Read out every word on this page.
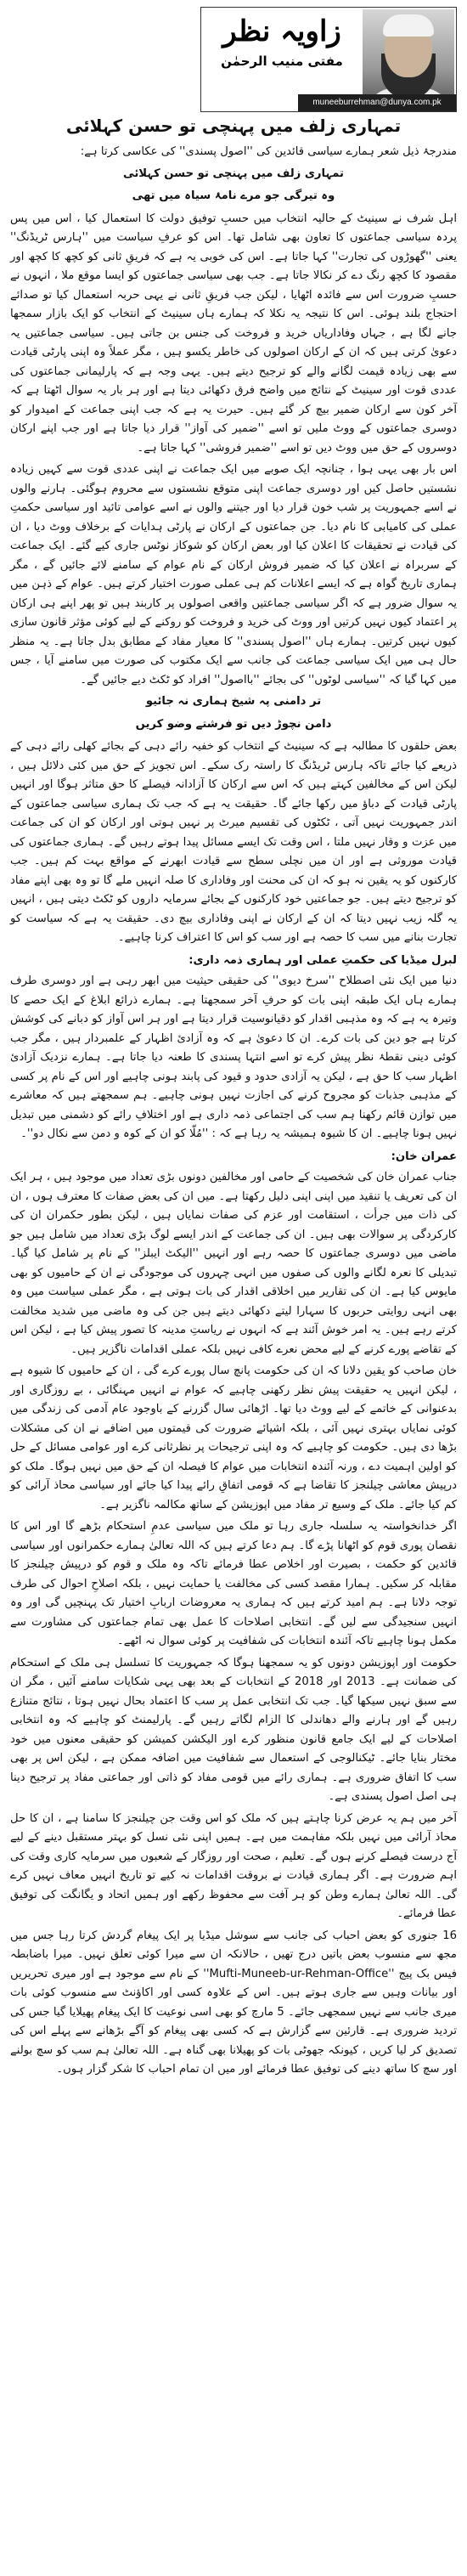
زاویہ نظر
مفتی منیب الرحمٰن
muneeburrehman@dunya.com.pk
تمہاری زلف میں پہنچی تو حسن کہلائی

مندرجۂ ذیل شعر ہمارے سیاسی قائدین کی ''اصول پسندی'' کی عکاسی کرتا ہے:

تمہاری زلف میں پہنچی تو حسن کہلائی

وہ تیرگی جو مرے نامۂ سیاہ میں تھی

اہل شرف نے سینیٹ کے حالیہ انتخاب میں حسبِ توفیق دولت کا استعمال کیا ، اس میں پس پردہ سیاسی جماعتوں کا تعاون بھی شامل تھا۔ اس کو عرفِ سیاست میں ''ہارس ٹریڈنگ'' یعنی ''گھوڑوں کی تجارت'' کہا جاتا ہے۔ اس کی خوبی یہ ہے کہ فریقِ ثانی کو کچھ کا کچھ اور مقصود کا کچھ رنگ دے کر نکالا جاتا ہے۔ جب بھی سیاسی جماعتوں کو ایسا موقع ملا ، انہوں نے حسبِ ضرورت اس سے فائدہ اٹھایا ، لیکن جب فریقِ ثانی نے یہی حربہ استعمال کیا تو صدائے احتجاج بلند ہوئی۔ اس کا نتیجہ یہ نکلا کہ ہمارے ہاں سینیٹ کے انتخاب کو ایک بازار سمجھا جانے لگا ہے ، جہاں وفاداریاں خرید و فروخت کی جنس بن جاتی ہیں۔ سیاسی جماعتیں یہ دعویٰ کرتی ہیں کہ ان کے ارکان اصولوں کی خاطر یکسو ہیں ، مگر عملاً وہ اپنی پارٹی قیادت سے بھی زیادہ قیمت لگانے والے کو ترجیح دیتے ہیں۔ یہی وجہ ہے کہ پارلیمانی جماعتوں کی عددی قوت اور سینیٹ کے نتائج میں واضح فرق دکھائی دیتا ہے اور ہر بار یہ سوال اٹھتا ہے کہ آخر کون سے ارکان ضمیر بیچ کر گئے ہیں۔ حیرت یہ ہے کہ جب اپنی جماعت کے امیدوار کو دوسری جماعتوں کے ووٹ ملیں تو اسے ''ضمیر کی آواز'' قرار دیا جاتا ہے اور جب اپنے ارکان دوسروں کے حق میں ووٹ دیں تو اسے ''ضمیر فروشی'' کہا جاتا ہے۔

اس بار بھی یہی ہوا ، چنانچہ ایک صوبے میں ایک جماعت نے اپنی عددی قوت سے کہیں زیادہ نشستیں حاصل کیں اور دوسری جماعت اپنی متوقع نشستوں سے محروم ہوگئی۔ ہارنے والوں نے اسے جمہوریت پر شب خون قرار دیا اور جیتنے والوں نے اسے عوامی تائید اور سیاسی حکمتِ عملی کی کامیابی کا نام دیا۔ جن جماعتوں کے ارکان نے پارٹی ہدایات کے برخلاف ووٹ دیا ، ان کی قیادت نے تحقیقات کا اعلان کیا اور بعض ارکان کو شوکاز نوٹس جاری کیے گئے۔ ایک جماعت کے سربراہ نے اعلان کیا کہ ضمیر فروش ارکان کے نام عوام کے سامنے لائے جائیں گے ، مگر ہماری تاریخ گواہ ہے کہ ایسے اعلانات کم ہی عملی صورت اختیار کرتے ہیں۔ عوام کے ذہن میں یہ سوال ضرور ہے کہ اگر سیاسی جماعتیں واقعی اصولوں پر کاربند ہیں تو پھر اپنے ہی ارکان پر اعتماد کیوں نہیں کرتیں اور ووٹ کی خرید و فروخت کو روکنے کے لیے کوئی مؤثر قانون سازی کیوں نہیں کرتیں۔ ہمارے ہاں ''اصول پسندی'' کا معیار مفاد کے مطابق بدل جاتا ہے۔ یہ منظر حال ہی میں ایک سیاسی جماعت کی جانب سے ایک مکتوب کی صورت میں سامنے آیا ، جس میں کہا گیا کہ ''سیاسی لوٹوں'' کی بجائے ''بااصول'' افراد کو ٹکٹ دیے جائیں گے۔

تر دامنی پہ شیخ ہماری نہ جائیو

دامن نچوڑ دیں تو فرشتے وضو کریں

بعض حلقوں کا مطالبہ ہے کہ سینیٹ کے انتخاب کو خفیہ رائے دہی کے بجائے کھلی رائے دہی کے ذریعے کیا جائے تاکہ ہارس ٹریڈنگ کا راستہ رک سکے۔ اس تجویز کے حق میں کئی دلائل ہیں ، لیکن اس کے مخالفین کہتے ہیں کہ اس سے ارکان کا آزادانہ فیصلے کا حق متاثر ہوگا اور انہیں پارٹی قیادت کے دباؤ میں رکھا جائے گا۔ حقیقت یہ ہے کہ جب تک ہماری سیاسی جماعتوں کے اندر جمہوریت نہیں آتی ، ٹکٹوں کی تقسیم میرٹ پر نہیں ہوتی اور ارکان کو ان کی جماعت میں عزت و وقار نہیں ملتا ، اس وقت تک ایسے مسائل پیدا ہوتے رہیں گے۔ ہماری جماعتوں کی قیادت موروثی ہے اور ان میں نچلی سطح سے قیادت ابھرنے کے مواقع بہت کم ہیں۔ جب کارکنوں کو یہ یقین نہ ہو کہ ان کی محنت اور وفاداری کا صلہ انہیں ملے گا تو وہ بھی اپنے مفاد کو ترجیح دیتے ہیں۔ جو جماعتیں خود کارکنوں کے بجائے سرمایہ داروں کو ٹکٹ دیتی ہیں ، انہیں یہ گلہ زیب نہیں دیتا کہ ان کے ارکان نے اپنی وفاداری بیچ دی۔ حقیقت یہ ہے کہ سیاست کو تجارت بنانے میں سب کا حصہ ہے اور سب کو اس کا اعتراف کرنا چاہیے۔

لبرل میڈیا کی حکمتِ عملی اور ہماری ذمہ داری:

دنیا میں ایک نئی اصطلاح ''سرخ دیوی'' کی حقیقی حیثیت میں ابھر رہی ہے اور دوسری طرف ہمارے ہاں ایک طبقہ اپنی بات کو حرفِ آخر سمجھتا ہے۔ ہمارے ذرائع ابلاغ کے ایک حصے کا وتیرہ یہ ہے کہ وہ مذہبی اقدار کو دقیانوسیت قرار دیتا ہے اور ہر اس آواز کو دبانے کی کوشش کرتا ہے جو دین کی بات کرے۔ ان کا دعویٰ ہے کہ وہ آزادیٔ اظہار کے علمبردار ہیں ، مگر جب کوئی دینی نقطۂ نظر پیش کرے تو اسے انتہا پسندی کا طعنہ دیا جاتا ہے۔ ہمارے نزدیک آزادیٔ اظہار سب کا حق ہے ، لیکن یہ آزادی حدود و قیود کی پابند ہونی چاہیے اور اس کے نام پر کسی کے مذہبی جذبات کو مجروح کرنے کی اجازت نہیں ہونی چاہیے۔ ہم سمجھتے ہیں کہ معاشرے میں توازن قائم رکھنا ہم سب کی اجتماعی ذمہ داری ہے اور اختلافِ رائے کو دشمنی میں تبدیل نہیں ہونا چاہیے۔ ان کا شیوہ ہمیشہ یہ رہا ہے کہ : ''مُلّا کو ان کے کوہ و دمن سے نکال دو''۔

عمران خان:

جناب عمران خان کی شخصیت کے حامی اور مخالفین دونوں بڑی تعداد میں موجود ہیں ، ہر ایک ان کی تعریف یا تنقید میں اپنی اپنی دلیل رکھتا ہے۔ میں ان کی بعض صفات کا معترف ہوں ، ان کی ذات میں جرأت ، استقامت اور عزم کی صفات نمایاں ہیں ، لیکن بطور حکمران ان کی کارکردگی پر سوالات بھی ہیں۔ ان کی جماعت کے اندر ایسے لوگ بڑی تعداد میں شامل ہیں جو ماضی میں دوسری جماعتوں کا حصہ رہے اور انہیں ''الیکٹ ایبلز'' کے نام پر شامل کیا گیا۔ تبدیلی کا نعرہ لگانے والوں کی صفوں میں انہی چہروں کی موجودگی نے ان کے حامیوں کو بھی مایوس کیا ہے۔ ان کی تقاریر میں اخلاقی اقدار کی بات ہوتی ہے ، مگر عملی سیاست میں وہ بھی انہی روایتی حربوں کا سہارا لیتے دکھائی دیتے ہیں جن کی وہ ماضی میں شدید مخالفت کرتے رہے ہیں۔ یہ امر خوش آئند ہے کہ انہوں نے ریاستِ مدینہ کا تصور پیش کیا ہے ، لیکن اس کے تقاضے پورے کرنے کے لیے محض نعرے کافی نہیں بلکہ عملی اقدامات ناگزیر ہیں۔

خان صاحب کو یقین دلانا کہ ان کی حکومت پانچ سال پورے کرے گی ، ان کے حامیوں کا شیوہ ہے ، لیکن انہیں یہ حقیقت پیش نظر رکھنی چاہیے کہ عوام نے انہیں مہنگائی ، بے روزگاری اور بدعنوانی کے خاتمے کے لیے ووٹ دیا تھا۔ اڑھائی سال گزرنے کے باوجود عام آدمی کی زندگی میں کوئی نمایاں بہتری نہیں آئی ، بلکہ اشیائے ضرورت کی قیمتوں میں اضافے نے ان کی مشکلات بڑھا دی ہیں۔ حکومت کو چاہیے کہ وہ اپنی ترجیحات پر نظرثانی کرے اور عوامی مسائل کے حل کو اولین اہمیت دے ، ورنہ آئندہ انتخابات میں عوام کا فیصلہ ان کے حق میں نہیں ہوگا۔ ملک کو درپیش معاشی چیلنجز کا تقاضا ہے کہ قومی اتفاقِ رائے پیدا کیا جائے اور سیاسی محاذ آرائی کو کم کیا جائے۔ ملک کے وسیع تر مفاد میں اپوزیشن کے ساتھ مکالمہ ناگزیر ہے۔

اگر خدانخواستہ یہ سلسلہ جاری رہا تو ملک میں سیاسی عدمِ استحکام بڑھے گا اور اس کا نقصان پوری قوم کو اٹھانا پڑے گا۔ ہم دعا کرتے ہیں کہ اللہ تعالیٰ ہمارے حکمرانوں اور سیاسی قائدین کو حکمت ، بصیرت اور اخلاص عطا فرمائے تاکہ وہ ملک و قوم کو درپیش چیلنجز کا مقابلہ کر سکیں۔ ہمارا مقصد کسی کی مخالفت یا حمایت نہیں ، بلکہ اصلاحِ احوال کی طرف توجہ دلانا ہے۔ ہم امید کرتے ہیں کہ ہماری یہ معروضات اربابِ اختیار تک پہنچیں گی اور وہ انہیں سنجیدگی سے لیں گے۔ انتخابی اصلاحات کا عمل بھی تمام جماعتوں کی مشاورت سے مکمل ہونا چاہیے تاکہ آئندہ انتخابات کی شفافیت پر کوئی سوال نہ اٹھے۔

حکومت اور اپوزیشن دونوں کو یہ سمجھنا ہوگا کہ جمہوریت کا تسلسل ہی ملک کے استحکام کی ضمانت ہے۔ 2013 اور 2018 کے انتخابات کے بعد بھی یہی شکایات سامنے آئیں ، مگر ان سے سبق نہیں سیکھا گیا۔ جب تک انتخابی عمل پر سب کا اعتماد بحال نہیں ہوتا ، نتائج متنازع رہیں گے اور ہارنے والے دھاندلی کا الزام لگاتے رہیں گے۔ پارلیمنٹ کو چاہیے کہ وہ انتخابی اصلاحات کے لیے ایک جامع قانون منظور کرے اور الیکشن کمیشن کو حقیقی معنوں میں خود مختار بنایا جائے۔ ٹیکنالوجی کے استعمال سے شفافیت میں اضافہ ممکن ہے ، لیکن اس پر بھی سب کا اتفاق ضروری ہے۔ ہماری رائے میں قومی مفاد کو ذاتی اور جماعتی مفاد پر ترجیح دینا ہی اصل اصول پسندی ہے۔

آخر میں ہم یہ عرض کرنا چاہتے ہیں کہ ملک کو اس وقت جن چیلنجز کا سامنا ہے ، ان کا حل محاذ آرائی میں نہیں بلکہ مفاہمت میں ہے۔ ہمیں اپنی نئی نسل کو بہتر مستقبل دینے کے لیے آج درست فیصلے کرنے ہوں گے۔ تعلیم ، صحت اور روزگار کے شعبوں میں سرمایہ کاری وقت کی اہم ضرورت ہے۔ اگر ہماری قیادت نے بروقت اقدامات نہ کیے تو تاریخ انہیں معاف نہیں کرے گی۔ اللہ تعالیٰ ہمارے وطن کو ہر آفت سے محفوظ رکھے اور ہمیں اتحاد و یگانگت کی توفیق عطا فرمائے۔

16 جنوری کو بعض احباب کی جانب سے سوشل میڈیا پر ایک پیغام گردش کرتا رہا جس میں مجھ سے منسوب بعض باتیں درج تھیں ، حالانکہ ان سے میرا کوئی تعلق نہیں۔ میرا باضابطہ فیس بک پیج ''Mufti-Muneeb-ur-Rehman-Office'' کے نام سے موجود ہے اور میری تحریریں اور بیانات وہیں سے جاری ہوتے ہیں۔ اس کے علاوہ کسی اور اکاؤنٹ سے منسوب کوئی بات میری جانب سے نہیں سمجھی جائے۔ 5 مارچ کو بھی اسی نوعیت کا ایک پیغام پھیلایا گیا جس کی تردید ضروری ہے۔ قارئین سے گزارش ہے کہ کسی بھی پیغام کو آگے بڑھانے سے پہلے اس کی تصدیق کر لیا کریں ، کیونکہ جھوٹی بات کو پھیلانا بھی گناہ ہے۔ اللہ تعالیٰ ہم سب کو سچ بولنے اور سچ کا ساتھ دینے کی توفیق عطا فرمائے اور میں ان تمام احباب کا شکر گزار ہوں۔
